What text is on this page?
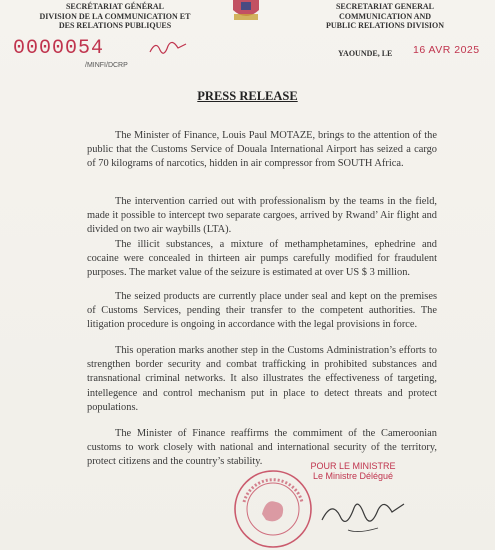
SECRÉTARIAT GÉNÉRAL
DIVISION DE LA COMMUNICATION ET
DES RELATIONS PUBLIQUES
SECRETARIAT GENERAL
COMMUNICATION AND
PUBLIC RELATIONS DIVISION
0000054
/MINFI/DCRP
YAOUNDE, LE 16 AVR 2025
PRESS RELEASE

The Minister of Finance, Louis Paul MOTAZE, brings to the attention of the public that the Customs Service of Douala International Airport has seized a cargo of 70 kilograms of narcotics, hidden in air compressor from SOUTH Africa.

The intervention carried out with professionalism by the teams in the field, made it possible to intercept two separate cargoes, arrived by Rwand’ Air flight and divided on two air waybills (LTA).

The illicit substances, a mixture of methamphetamines, ephedrine and cocaine were concealed in thirteen air pumps carefully modified for fraudulent purposes. The market value of the seizure is estimated at over US $ 3 million.

The seized products are currently place under seal and kept on the premises of Customs Services, pending their transfer to the competent authorities. The litigation procedure is ongoing in accordance with the legal provisions in force.

This operation marks another step in the Customs Administration’s efforts to strengthen border security and combat trafficking in prohibited substances and transnational criminal networks. It also illustrates the effectiveness of targeting, intellegence and control mechanism put in place to detect threats and protect populations.

The Minister of Finance reaffirms the commiment of the Cameroonian customs to work closely with national and international security of the territory, protect citizens and the country’s stability.	POUR LE MINISTRE
Le Ministre Délégué
